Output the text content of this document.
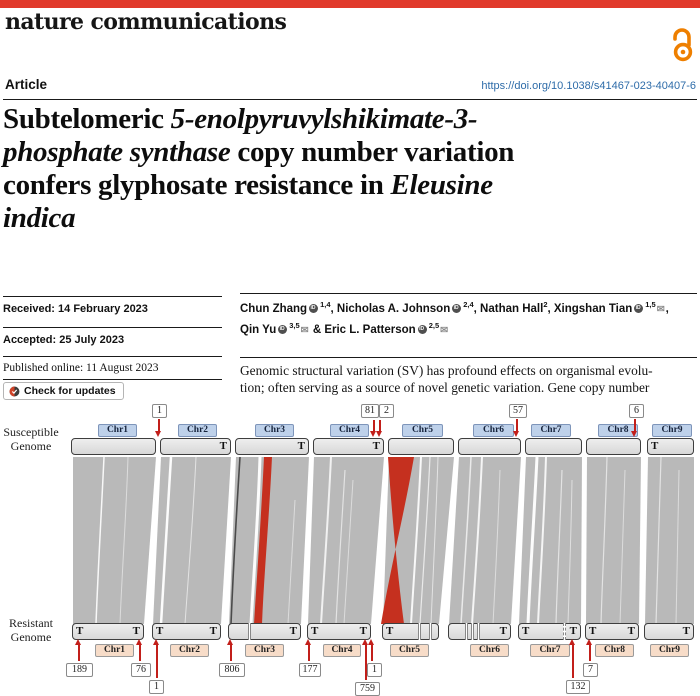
nature communications
Article	https://doi.org/10.1038/s41467-023-40407-6
Subtelomeric 5-enolpyruvylshikimate-3-
phosphate synthase copy number variation
confers glyphosate resistance in Eleusine
indica
Received: 14 February 2023
Accepted: 25 July 2023
Published online: 11 August 2023
Check for updates
Chun Zhang iD $^{1,4}$, Nicholas A. Johnson iD $^{2,4}$, Nathan Hall$^2$, Xingshan TianiD $^{1,5}$✉,
Qin Yu iD $^{3,5}$✉ & Eric L. Patterson iD $^{2,5}$✉
Genomic structural variation (SV) has profound effects on organismal evolu-
tion; often serving as a source of novel genetic variation. Gene copy number
Susceptible
Genome
Resistant
Genome
Chr1	Chr2	Chr3	Chr4	Chr5	Chr6	Chr7	Chr8	Chr9
T	T	T	T
1	81 2	57	6
T	T T	T	T T	T T	T T	T T	T	T
Chr1	Chr2	Chr3	Chr4	Chr5	Chr6	Chr7	Chr8	Chr9
189	76
1
806	177
759
1
132
7
